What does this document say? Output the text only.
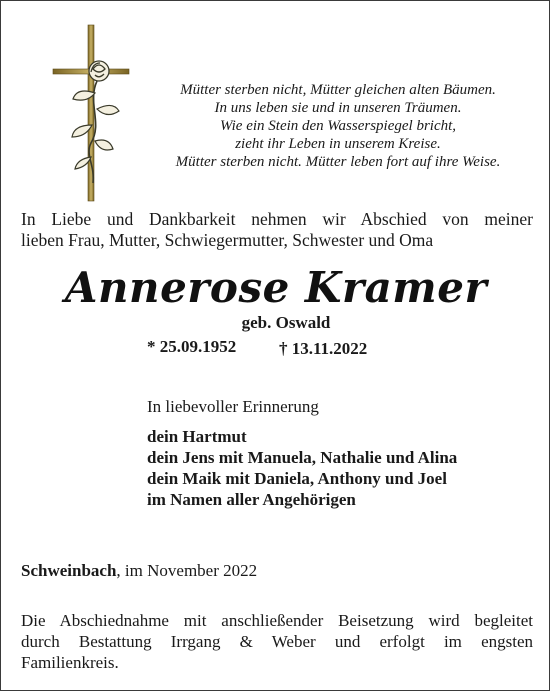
Mütter sterben nicht, Mütter gleichen alten Bäumen.
In uns leben sie und in unseren Träumen.
Wie ein Stein den Wasserspiegel bricht,
zieht ihr Leben in unserem Kreise.
Mütter sterben nicht. Mütter leben fort auf ihre Weise.
In Liebe und Dankbarkeit nehmen wir Abschied von meiner
lieben Frau, Mutter, Schwiegermutter, Schwester und Oma
Annerose Kramer
geb. Oswald
* 25.09.1952	† 13.11.2022
In liebevoller Erinnerung
dein Hartmut
dein Jens mit Manuela, Nathalie und Alina
dein Maik mit Daniela, Anthony und Joel
im Namen aller Angehörigen
Schweinbach, im November 2022
Die Abschiednahme mit anschließender Beisetzung wird begleitet
durch Bestattung Irrgang & Weber und erfolgt im engsten
Familienkreis.
